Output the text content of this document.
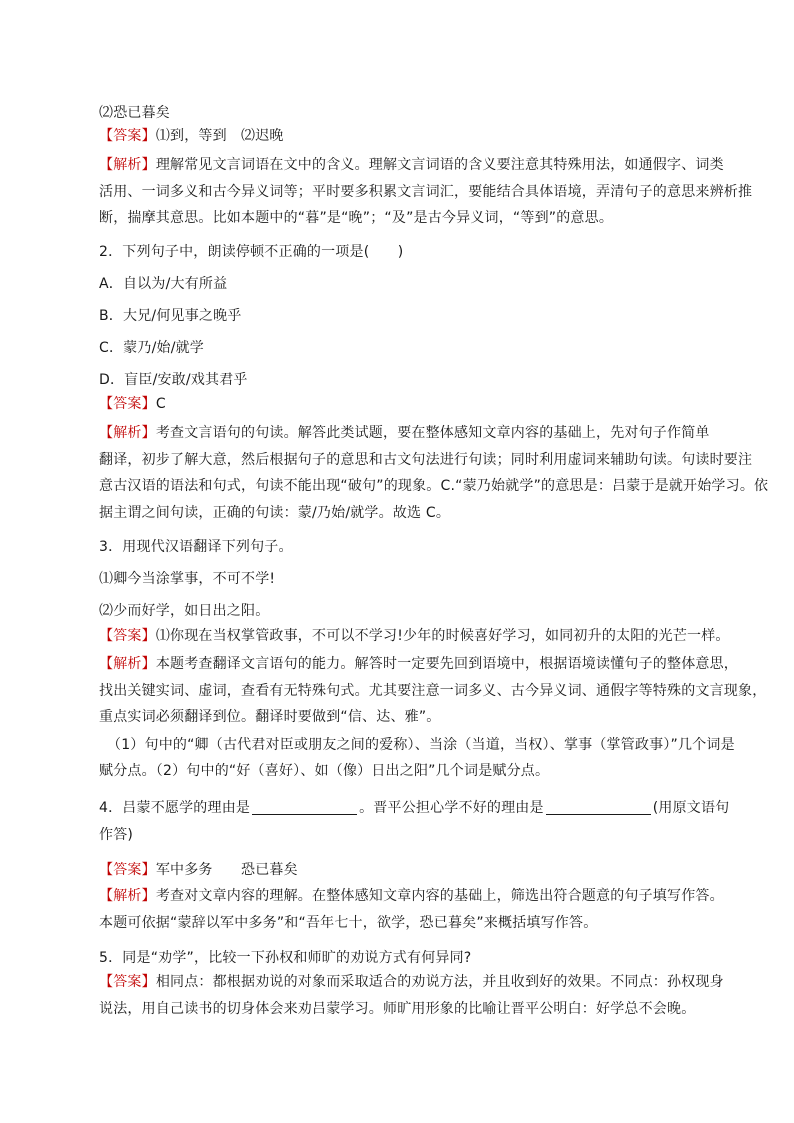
⑵恐已暮矣
【答案】⑴到，等到　⑵迟晚
【解析】理解常见文言词语在文中的含义。理解文言词语的含义要注意其特殊用法，如通假字、词类
活用、一词多义和古今异义词等；平时要多积累文言词汇，要能结合具体语境，弄清句子的意思来辨析推
断，揣摩其意思。比如本题中的“暮”是“晚”；“及”是古今异义词，“等到”的意思。
2．下列句子中，朗读停顿不正确的一项是(　　)
A．自以为/大有所益
B．大兄/何见事之晚乎
C．蒙乃/始/就学
D．盲臣/安敢/戏其君乎
【答案】C
【解析】考查文言语句的句读。解答此类试题，要在整体感知文章内容的基础上，先对句子作简单
翻译，初步了解大意，然后根据句子的意思和古文句法进行句读；同时利用虚词来辅助句读。句读时要注
意古汉语的语法和句式，句读不能出现“破句”的现象。C.“蒙乃始就学”的意思是：吕蒙于是就开始学习。依
据主谓之间句读，正确的句读：蒙/乃始/就学。故选 C。
3．用现代汉语翻译下列句子。
⑴卿今当涂掌事，不可不学!
⑵少而好学，如日出之阳。
【答案】⑴你现在当权掌管政事，不可以不学习!少年的时候喜好学习，如同初升的太阳的光芒一样。
【解析】本题考查翻译文言语句的能力。解答时一定要先回到语境中，根据语境读懂句子的整体意思，
找出关键实词、虚词，查看有无特殊句式。尤其要注意一词多义、古今异义词、通假字等特殊的文言现象，
重点实词必须翻译到位。翻译时要做到“信、达、雅”。
（1）句中的“卿（古代君对臣或朋友之间的爱称）、当涂（当道，当权）、掌事（掌管政事）”几个词是
赋分点。（2）句中的“好（喜好）、如（像）日出之阳”几个词是赋分点。
4．吕蒙不愿学的理由是	。晋平公担心学不好的理由是	(用原文语句
作答)
【答案】军中多务　　恐已暮矣
【解析】考查对文章内容的理解。在整体感知文章内容的基础上，筛选出符合题意的句子填写作答。
本题可依据“蒙辞以军中多务”和“吾年七十，欲学，恐已暮矣”来概括填写作答。
5．同是“劝学”，比较一下孙权和师旷的劝说方式有何异同?
【答案】相同点：都根据劝说的对象而采取适合的劝说方法，并且收到好的效果。不同点：孙权现身
说法，用自己读书的切身体会来劝吕蒙学习。师旷用形象的比喻让晋平公明白：好学总不会晚。
